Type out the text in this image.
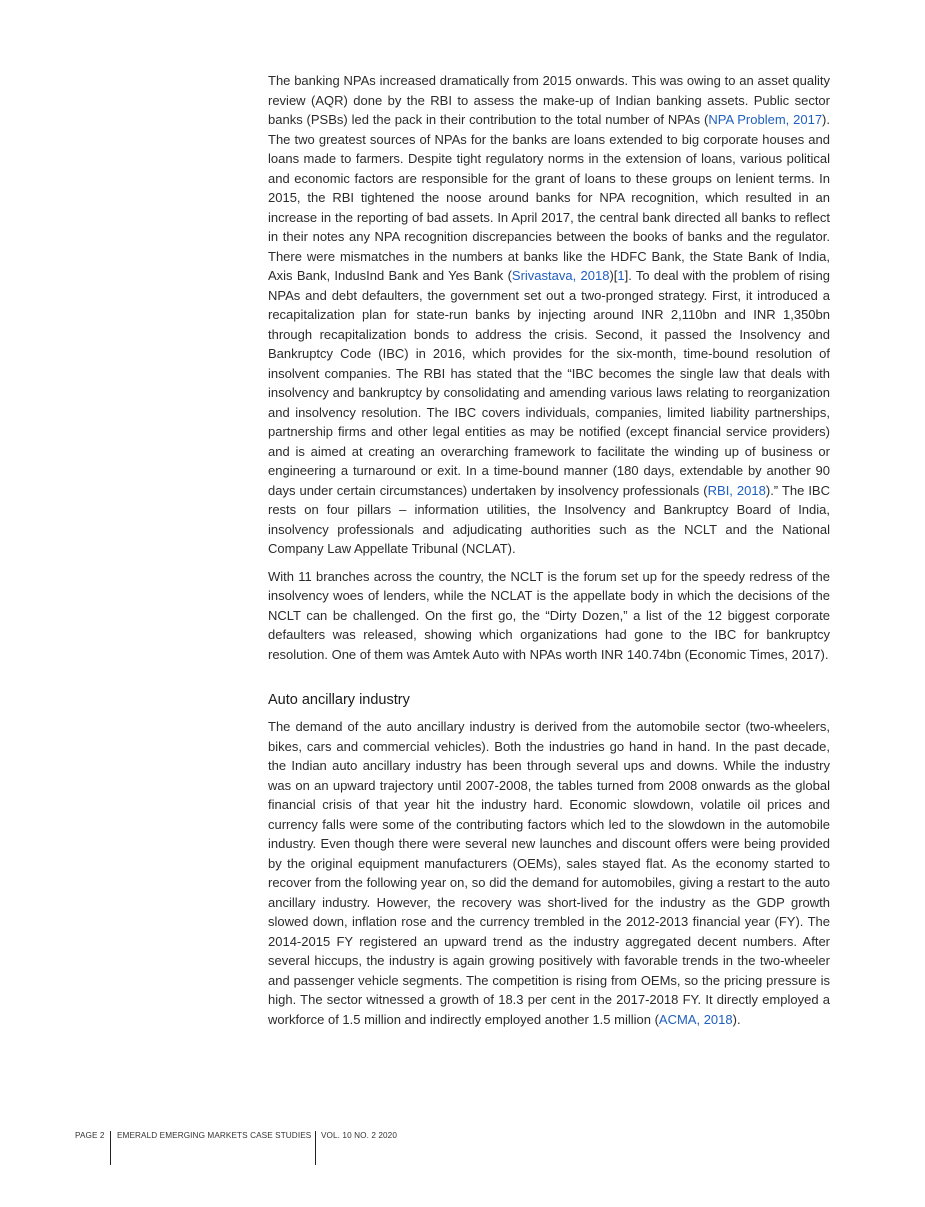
The banking NPAs increased dramatically from 2015 onwards. This was owing to an asset quality review (AQR) done by the RBI to assess the make-up of Indian banking assets. Public sector banks (PSBs) led the pack in their contribution to the total number of NPAs (NPA Problem, 2017). The two greatest sources of NPAs for the banks are loans extended to big corporate houses and loans made to farmers. Despite tight regulatory norms in the extension of loans, various political and economic factors are responsible for the grant of loans to these groups on lenient terms. In 2015, the RBI tightened the noose around banks for NPA recognition, which resulted in an increase in the reporting of bad assets. In April 2017, the central bank directed all banks to reflect in their notes any NPA recognition discrepancies between the books of banks and the regulator. There were mismatches in the numbers at banks like the HDFC Bank, the State Bank of India, Axis Bank, IndusInd Bank and Yes Bank (Srivastava, 2018)[1]. To deal with the problem of rising NPAs and debt defaulters, the government set out a two-pronged strategy. First, it introduced a recapitalization plan for state-run banks by injecting around INR 2,110bn and INR 1,350bn through recapitalization bonds to address the crisis. Second, it passed the Insolvency and Bankruptcy Code (IBC) in 2016, which provides for the six-month, time-bound resolution of insolvent companies. The RBI has stated that the “IBC becomes the single law that deals with insolvency and bankruptcy by consolidating and amending various laws relating to reorganization and insolvency resolution. The IBC covers individuals, companies, limited liability partnerships, partnership firms and other legal entities as may be notified (except financial service providers) and is aimed at creating an overarching framework to facilitate the winding up of business or engineering a turnaround or exit. In a time-bound manner (180 days, extendable by another 90 days under certain circumstances) undertaken by insolvency professionals (RBI, 2018).” The IBC rests on four pillars – information utilities, the Insolvency and Bankruptcy Board of India, insolvency professionals and adjudicating authorities such as the NCLT and the National Company Law Appellate Tribunal (NCLAT).

With 11 branches across the country, the NCLT is the forum set up for the speedy redress of the insolvency woes of lenders, while the NCLAT is the appellate body in which the decisions of the NCLT can be challenged. On the first go, the “Dirty Dozen,” a list of the 12 biggest corporate defaulters was released, showing which organizations had gone to the IBC for bankruptcy resolution. One of them was Amtek Auto with NPAs worth INR 140.74bn (Economic Times, 2017).

Auto ancillary industry

The demand of the auto ancillary industry is derived from the automobile sector (two-wheelers, bikes, cars and commercial vehicles). Both the industries go hand in hand. In the past decade, the Indian auto ancillary industry has been through several ups and downs. While the industry was on an upward trajectory until 2007-2008, the tables turned from 2008 onwards as the global financial crisis of that year hit the industry hard. Economic slowdown, volatile oil prices and currency falls were some of the contributing factors which led to the slowdown in the automobile industry. Even though there were several new launches and discount offers were being provided by the original equipment manufacturers (OEMs), sales stayed flat. As the economy started to recover from the following year on, so did the demand for automobiles, giving a restart to the auto ancillary industry. However, the recovery was short-lived for the industry as the GDP growth slowed down, inflation rose and the currency trembled in the 2012-2013 financial year (FY). The 2014-2015 FY registered an upward trend as the industry aggregated decent numbers. After several hiccups, the industry is again growing positively with favorable trends in the two-wheeler and passenger vehicle segments. The competition is rising from OEMs, so the pricing pressure is high. The sector witnessed a growth of 18.3 per cent in the 2017-2018 FY. It directly employed a workforce of 1.5 million and indirectly employed another 1.5 million (ACMA, 2018).

PAGE 2 EMERALD EMERGING MARKETS CASE STUDIES VOL. 10 NO. 2 2020
